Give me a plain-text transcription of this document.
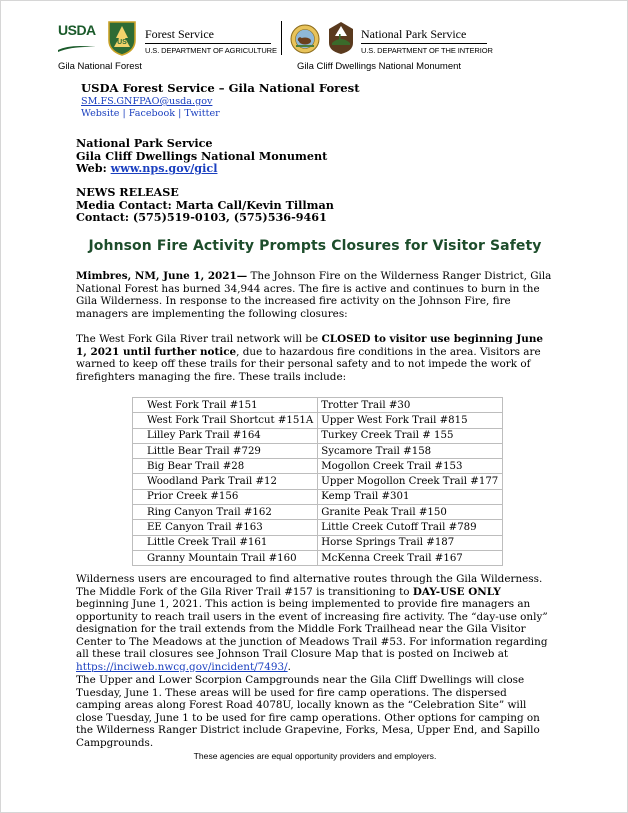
USDA
US
Forest Service
U.S. DEPARTMENT OF AGRICULTURE
National Park Service
U.S. DEPARTMENT OF THE INTERIOR
Gila National Forest	Gila Cliff Dwellings National Monument
USDA Forest Service – Gila National Forest
SM.FS.GNFPAO@usda.gov
Website | Facebook | Twitter
National Park Service
Gila Cliff Dwellings National Monument
Web: www.nps.gov/gicl
NEWS RELEASE
Media Contact: Marta Call/Kevin Tillman
Contact: (575)519-0103, (575)536-9461
Johnson Fire Activity Prompts Closures for Visitor Safety
Mimbres, NM, June 1, 2021— The Johnson Fire on the Wilderness Ranger District, Gila National Forest has burned 34,944 acres. The fire is active and continues to burn in the Gila Wilderness. In response to the increased fire activity on the Johnson Fire, fire managers are implementing the following closures:
The West Fork Gila River trail network will be CLOSED to visitor use beginning June 1, 2021 until further notice, due to hazardous fire conditions in the area. Visitors are warned to keep off these trails for their personal safety and to not impede the work of firefighters managing the fire. These trails include:
West Fork Trail #151	Trotter Trail #30
West Fork Trail Shortcut #151A	Upper West Fork Trail #815
Lilley Park Trail #164	Turkey Creek Trail # 155
Little Bear Trail #729	Sycamore Trail #158
Big Bear Trail #28	Mogollon Creek Trail #153
Woodland Park Trail #12	Upper Mogollon Creek Trail #177
Prior Creek #156	Kemp Trail #301
Ring Canyon Trail #162	Granite Peak Trail #150
EE Canyon Trail #163	Little Creek Cutoff Trail #789
Little Creek Trail #161	Horse Springs Trail #187
Granny Mountain Trail #160	McKenna Creek Trail #167
Wilderness users are encouraged to find alternative routes through the Gila Wilderness. The Middle Fork of the Gila River Trail #157 is transitioning to DAY-USE ONLY beginning June 1, 2021. This action is being implemented to provide fire managers an opportunity to reach trail users in the event of increasing fire activity. The “day-use only” designation for the trail extends from the Middle Fork Trailhead near the Gila Visitor Center to The Meadows at the junction of Meadows Trail #53. For information regarding all these trail closures see Johnson Trail Closure Map that is posted on Inciweb at https://inciweb.nwcg.gov/incident/7493/.
The Upper and Lower Scorpion Campgrounds near the Gila Cliff Dwellings will close Tuesday, June 1. These areas will be used for fire camp operations. The dispersed camping areas along Forest Road 4078U, locally known as the “Celebration Site” will close Tuesday, June 1 to be used for fire camp operations. Other options for camping on the Wilderness Ranger District include Grapevine, Forks, Mesa, Upper End, and Sapillo Campgrounds.
These agencies are equal opportunity providers and employers.
